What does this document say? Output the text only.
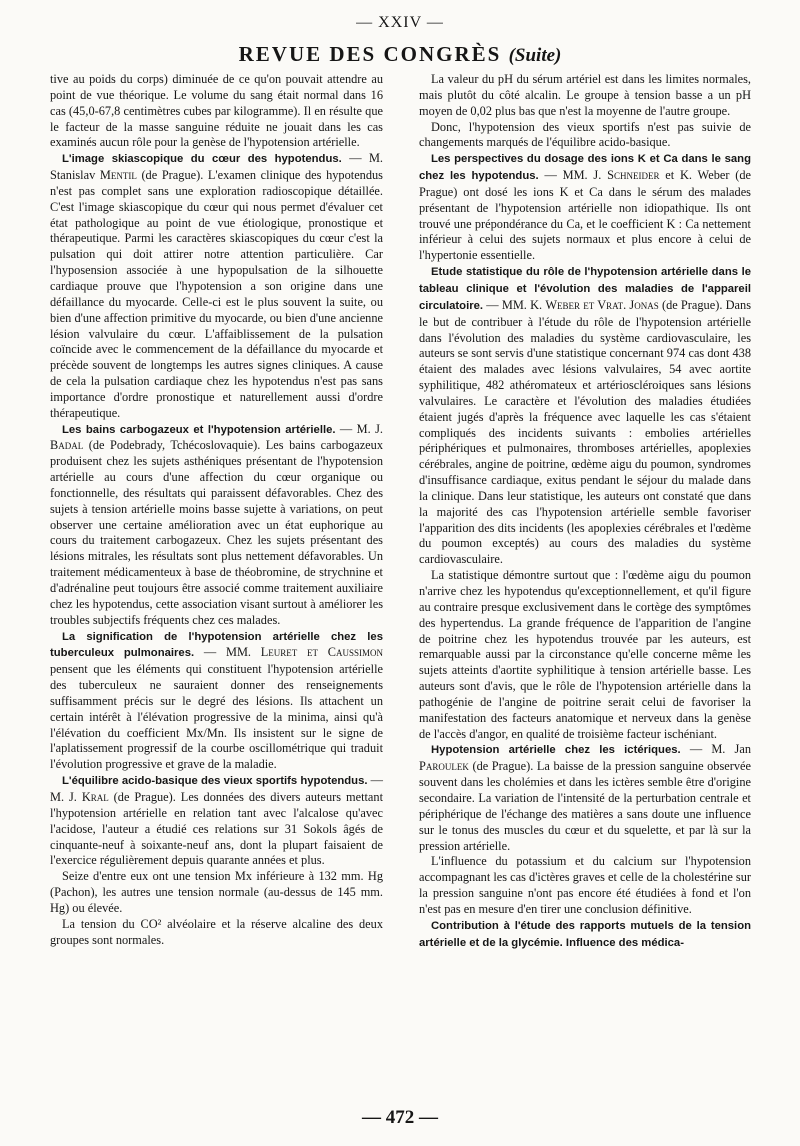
— XXIV —
REVUE DES CONGRÈS (Suite)

tive au poids du corps) diminuée de ce qu'on pouvait attendre au point de vue théorique. Le volume du sang était normal dans 16 cas (45,0-67,8 centimètres cubes par kilogramme). Il en résulte que le facteur de la masse sanguine réduite ne jouait dans les cas examinés aucun rôle pour la genèse de l'hypotension artérielle.

L'image skiascopique du cœur des hypotendus. — M. Stanislav Mentil (de Prague). L'examen clinique des hypotendus n'est pas complet sans une exploration radioscopique détaillée. C'est l'image skiascopique du cœur qui nous permet d'évaluer cet état pathologique au point de vue étiologique, pronostique et thérapeutique. Parmi les caractères skiascopiques du cœur c'est la pulsation qui doit attirer notre attention particulière. Car l'hyposension associée à une hypopulsation de la silhouette cardiaque prouve que l'hypotension a son origine dans une défaillance du myocarde. Celle-ci est le plus souvent la suite, ou bien d'une affection primitive du myocarde, ou bien d'une ancienne lésion valvulaire du cœur. L'affaiblissement de la pulsation coïncide avec le commencement de la défaillance du myocarde et précède souvent de longtemps les autres signes cliniques. A cause de cela la pulsation cardiaque chez les hypotendus n'est pas sans importance d'ordre pronostique et naturellement aussi d'ordre thérapeutique.

Les bains carbogazeux et l'hypotension artérielle. — M. J. Badal (de Podebrady, Tchécoslovaquie). Les bains carbogazeux produisent chez les sujets asthéniques présentant de l'hypotension artérielle au cours d'une affection du cœur organique ou fonctionnelle, des résultats qui paraissent défavorables. Chez des sujets à tension artérielle moins basse sujette à variations, on peut observer une certaine amélioration avec un état euphorique au cours du traitement carbogazeux. Chez les sujets présentant des lésions mitrales, les résultats sont plus nettement défavorables. Un traitement médicamenteux à base de théobromine, de strychnine et d'adrénaline peut toujours être associé comme traitement auxiliaire chez les hypotendus, cette association visant surtout à améliorer les troubles subjectifs fréquents chez ces malades.

La signification de l'hypotension artérielle chez les tuberculeux pulmonaires. — MM. Leuret et Caussimon pensent que les éléments qui constituent l'hypotension artérielle des tuberculeux ne sauraient donner des renseignements suffisamment précis sur le degré des lésions. Ils attachent un certain intérêt à l'élévation progressive de la minima, ainsi qu'à l'élévation du coefficient Mx/Mn. Ils insistent sur le signe de l'aplatissement progressif de la courbe oscillométrique qui traduit l'évolution progressive et grave de la maladie.

L'équilibre acido-basique des vieux sportifs hypotendus. — M. J. Kral (de Prague). Les données des divers auteurs mettant l'hypotension artérielle en relation tant avec l'alcalose qu'avec l'acidose, l'auteur a étudié ces relations sur 31 Sokols âgés de cinquante-neuf à soixante-neuf ans, dont la plupart faisaient de l'exercice régulièrement depuis quarante années et plus.

Seize d'entre eux ont une tension Mx inférieure à 132 mm. Hg (Pachon), les autres une tension normale (au-dessus de 145 mm. Hg) ou élevée.

La tension du CO² alvéolaire et la réserve alcaline des deux groupes sont normales.

La valeur du pH du sérum artériel est dans les limites normales, mais plutôt du côté alcalin. Le groupe à tension basse a un pH moyen de 0,02 plus bas que n'est la moyenne de l'autre groupe.

Donc, l'hypotension des vieux sportifs n'est pas suivie de changements marqués de l'équilibre acido-basique.

Les perspectives du dosage des ions K et Ca dans le sang chez les hypotendus. — MM. J. Schneider et K. Weber (de Prague) ont dosé les ions K et Ca dans le sérum des malades présentant de l'hypotension artérielle non idiopathique. Ils ont trouvé une prépondérance du Ca, et le coefficient K : Ca nettement inférieur à celui des sujets normaux et plus encore à celui de l'hypertonie essentielle.

Etude statistique du rôle de l'hypotension artérielle dans le tableau clinique et l'évolution des maladies de l'appareil circulatoire. — MM. K. Weber et Vrat. Jonas (de Prague). Dans le but de contribuer à l'étude du rôle de l'hypotension artérielle dans l'évolution des maladies du système cardiovasculaire, les auteurs se sont servis d'une statistique concernant 974 cas dont 438 étaient des malades avec lésions valvulaires, 54 avec aortite syphilitique, 482 athéromateux et artérioscléroiques sans lésions valvulaires. Le caractère et l'évolution des maladies étudiées étaient jugés d'après la fréquence avec laquelle les cas s'étaient compliqués des incidents suivants : embolies artérielles périphériques et pulmonaires, thromboses artérielles, apoplexies cérébrales, angine de poitrine, œdème aigu du poumon, syndromes d'insuffisance cardiaque, exitus pendant le séjour du malade dans la clinique. Dans leur statistique, les auteurs ont constaté que dans la majorité des cas l'hypotension artérielle semble favoriser l'apparition des dits incidents (les apoplexies cérébrales et l'œdème du poumon exceptés) au cours des maladies du système cardiovasculaire.

La statistique démontre surtout que : l'œdème aigu du poumon n'arrive chez les hypotendus qu'exceptionnellement, et qu'il figure au contraire presque exclusivement dans le cortège des symptômes des hypertendus. La grande fréquence de l'apparition de l'angine de poitrine chez les hypotendus trouvée par les auteurs, est remarquable aussi par la circonstance qu'elle concerne même les sujets atteints d'aortite syphilitique à tension artérielle basse. Les auteurs sont d'avis, que le rôle de l'hypotension artérielle dans la pathogénie de l'angine de poitrine serait celui de favoriser la manifestation des facteurs anatomique et nerveux dans la genèse de l'accès d'angor, en qualité de troisième facteur ischéniant.

Hypotension artérielle chez les ictériques. — M. Jan Paroulek (de Prague). La baisse de la pression sanguine observée souvent dans les cholémies et dans les ictères semble être d'origine secondaire. La variation de l'intensité de la perturbation centrale et périphérique de l'échange des matières a sans doute une influence sur le tonus des muscles du cœur et du squelette, et par là sur la pression artérielle.

L'influence du potassium et du calcium sur l'hypotension accompagnant les cas d'ictères graves et celle de la cholestérine sur la pression sanguine n'ont pas encore été étudiées à fond et l'on n'est pas en mesure d'en tirer une conclusion définitive.

Contribution à l'étude des rapports mutuels de la tension artérielle et de la glycémie. Influence des médica-

— 472 —
